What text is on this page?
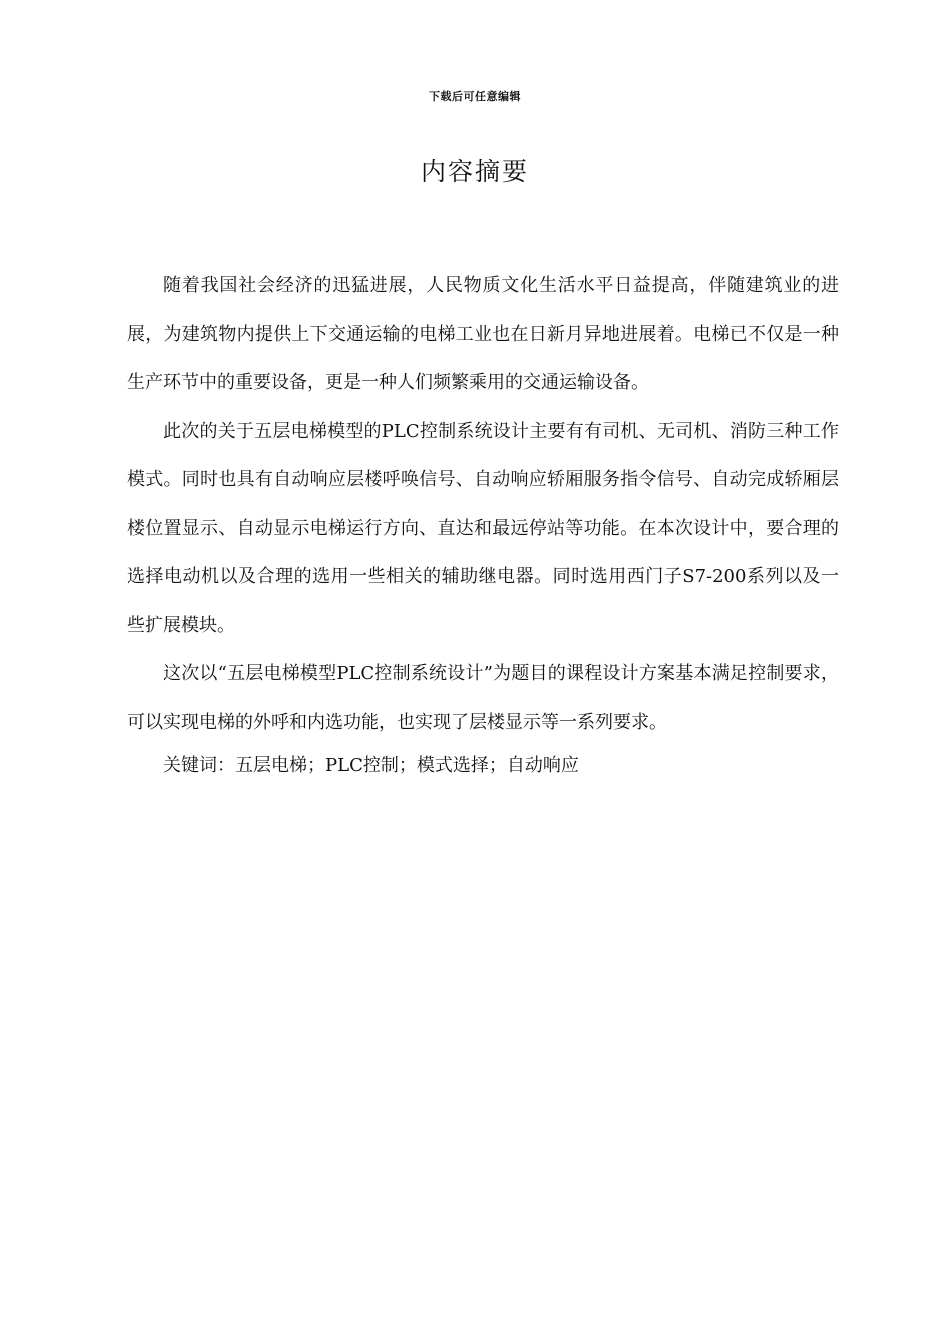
下载后可任意编辑
内容摘要

随着我国社会经济的迅猛进展，人民物质文化生活水平日益提高，伴随建筑业的进展，为建筑物内提供上下交通运输的电梯工业也在日新月异地进展着。电梯已不仅是一种生产环节中的重要设备，更是一种人们频繁乘用的交通运输设备。

此次的关于五层电梯模型的PLC控制系统设计主要有有司机、无司机、消防三种工作模式。同时也具有自动响应层楼呼唤信号、自动响应轿厢服务指令信号、自动完成轿厢层楼位置显示、自动显示电梯运行方向、直达和最远停站等功能。在本次设计中，要合理的选择电动机以及合理的选用一些相关的辅助继电器。同时选用西门子S7-200系列以及一些扩展模块。

这次以“五层电梯模型PLC控制系统设计”为题目的课程设计方案基本满足控制要求，可以实现电梯的外呼和内选功能，也实现了层楼显示等一系列要求。

关键词：五层电梯；PLC控制；模式选择；自动响应
